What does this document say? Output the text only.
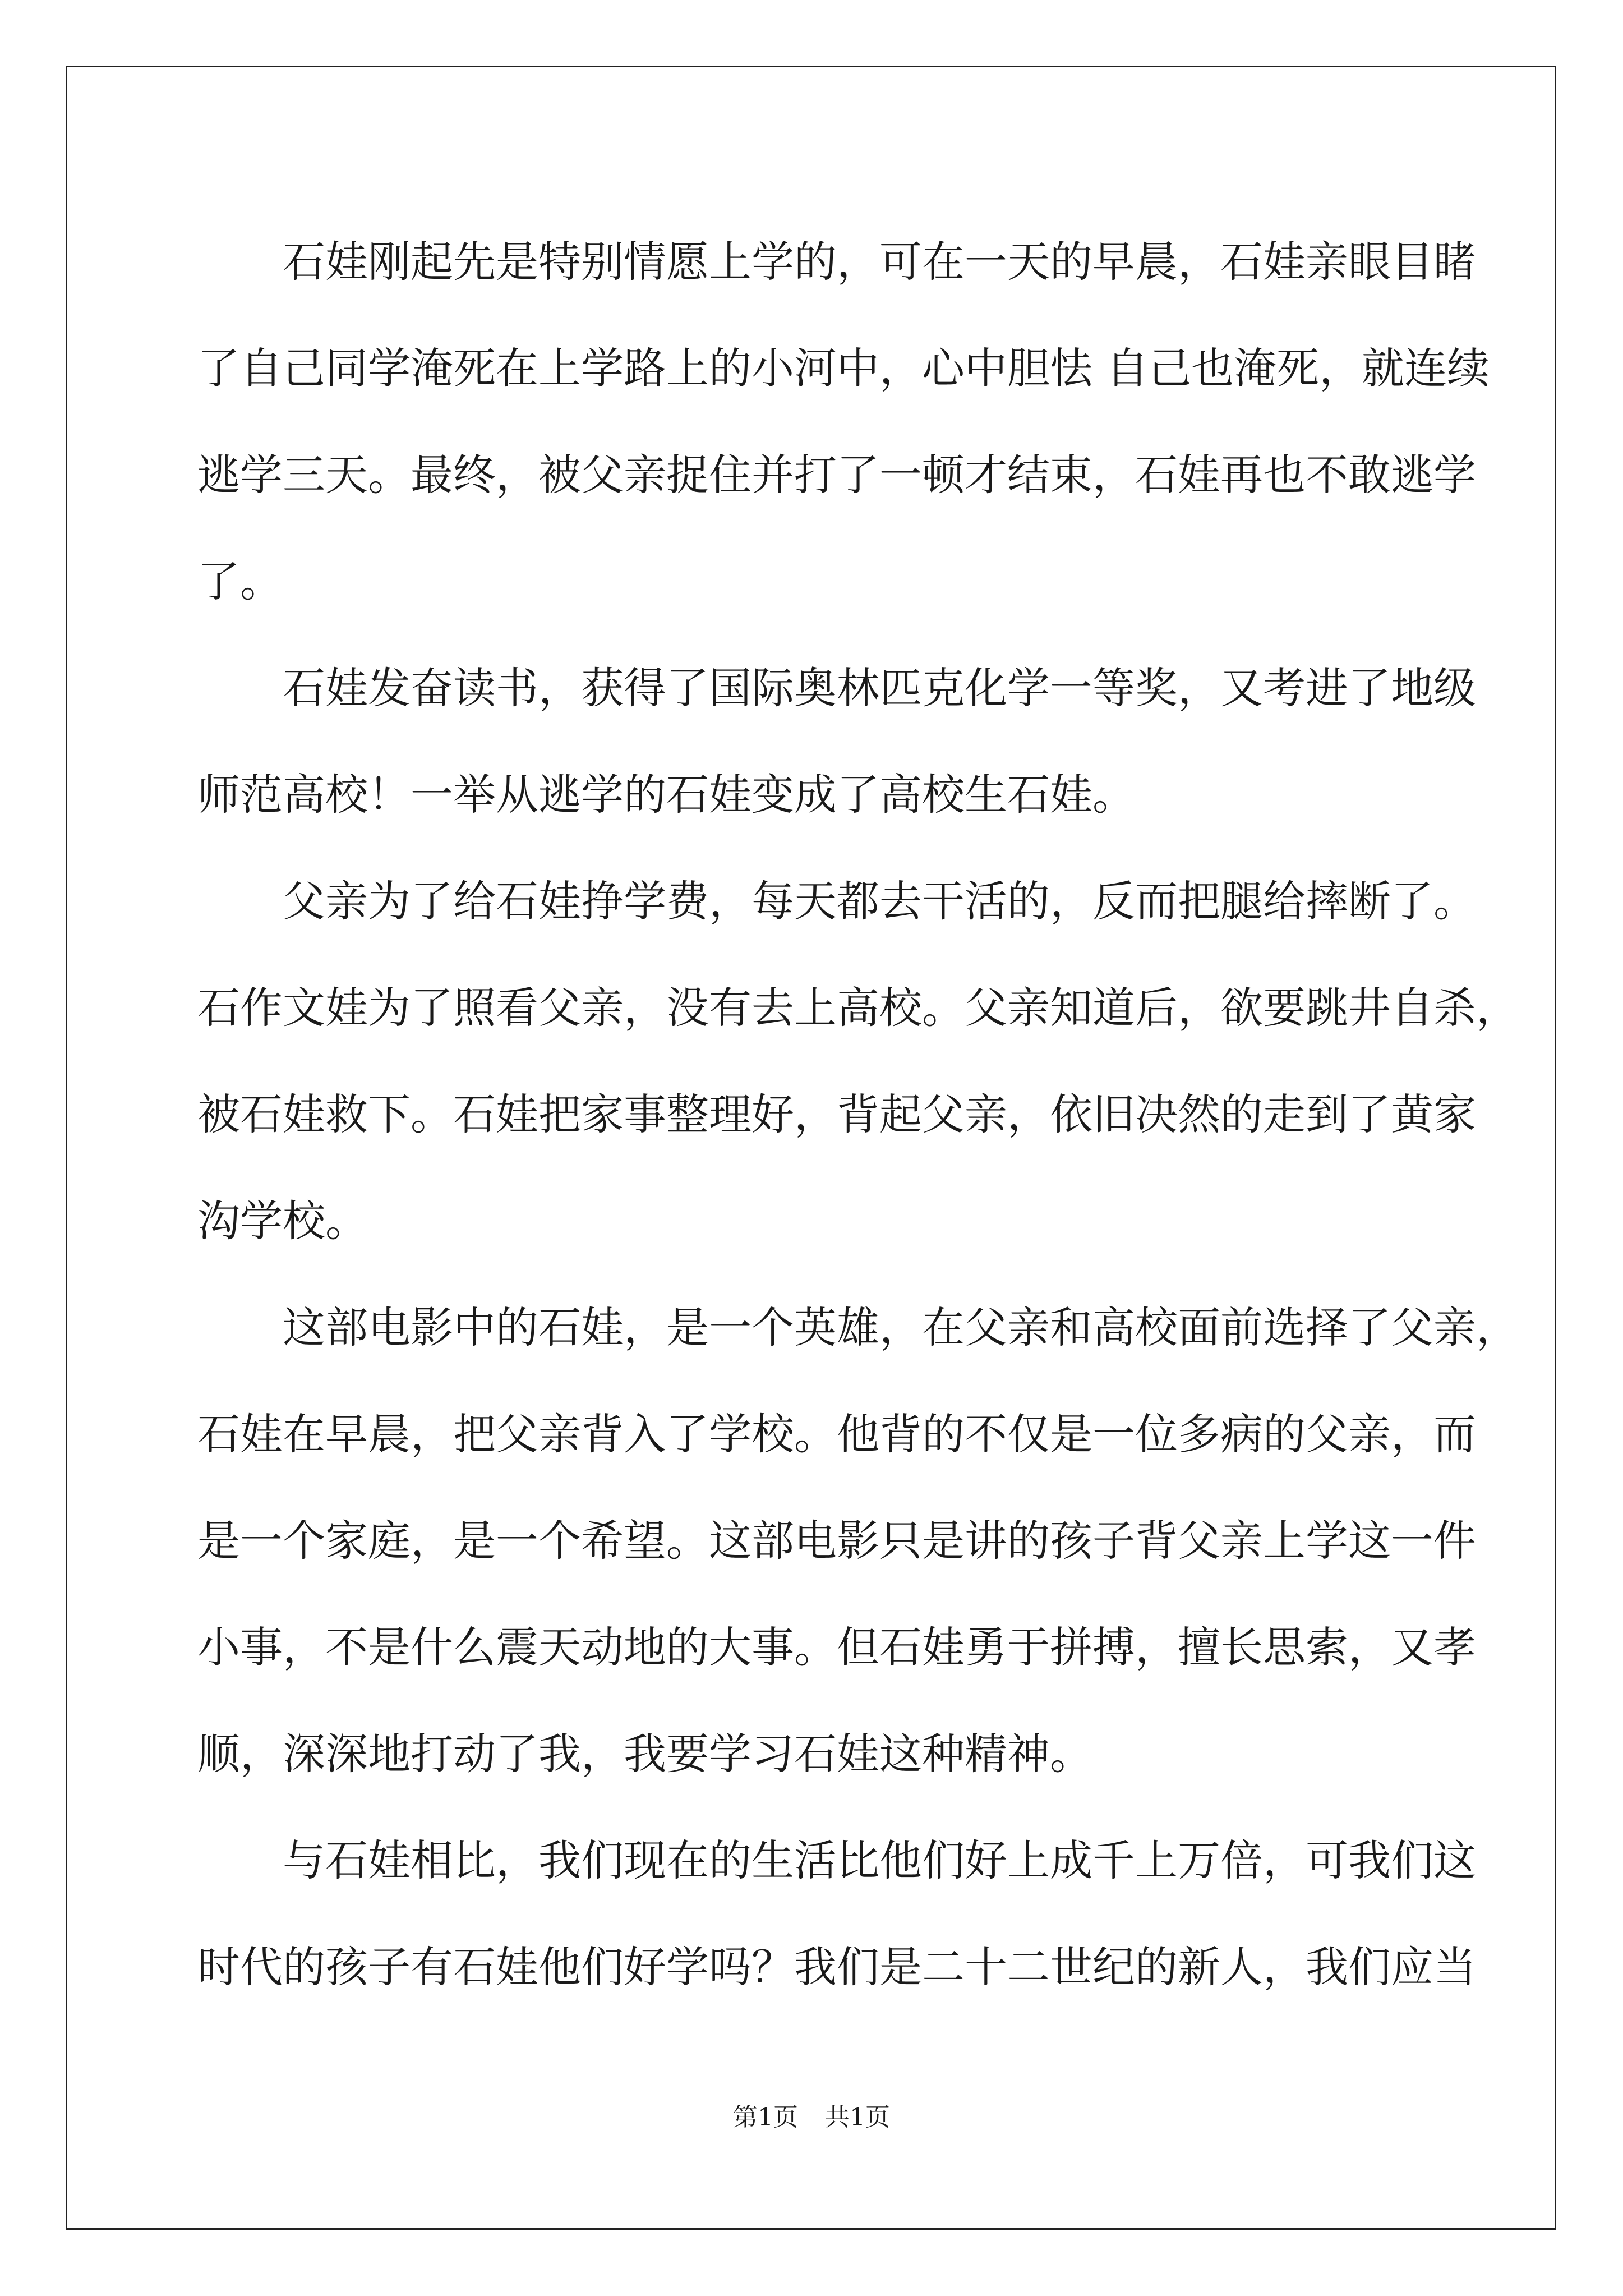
石娃刚起先是特别情愿上学的，可在一天的早晨，石娃亲眼目睹
了自己同学淹死在上学路上的小河中，心中胆怯 自己也淹死，就连续
逃学三天。最终，被父亲捉住并打了一顿才结束，石娃再也不敢逃学
了。
石娃发奋读书，获得了国际奥林匹克化学一等奖，又考进了地级
师范高校！一举从逃学的石娃变成了高校生石娃。
父亲为了给石娃挣学费，每天都去干活的，反而把腿给摔断了。
石作文娃为了照看父亲，没有去上高校。父亲知道后，欲要跳井自杀，
被石娃救下。石娃把家事整理好，背起父亲，依旧决然的走到了黄家
沟学校。
这部电影中的石娃，是一个英雄，在父亲和高校面前选择了父亲，
石娃在早晨，把父亲背入了学校。他背的不仅是一位多病的父亲，而
是一个家庭，是一个希望。这部电影只是讲的孩子背父亲上学这一件
小事，不是什么震天动地的大事。但石娃勇于拼搏，擅长思索，又孝
顺，深深地打动了我，我要学习石娃这种精神。
与石娃相比，我们现在的生活比他们好上成千上万倍，可我们这
时代的孩子有石娃他们好学吗？我们是二十二世纪的新人，我们应当
第1页 共1页
